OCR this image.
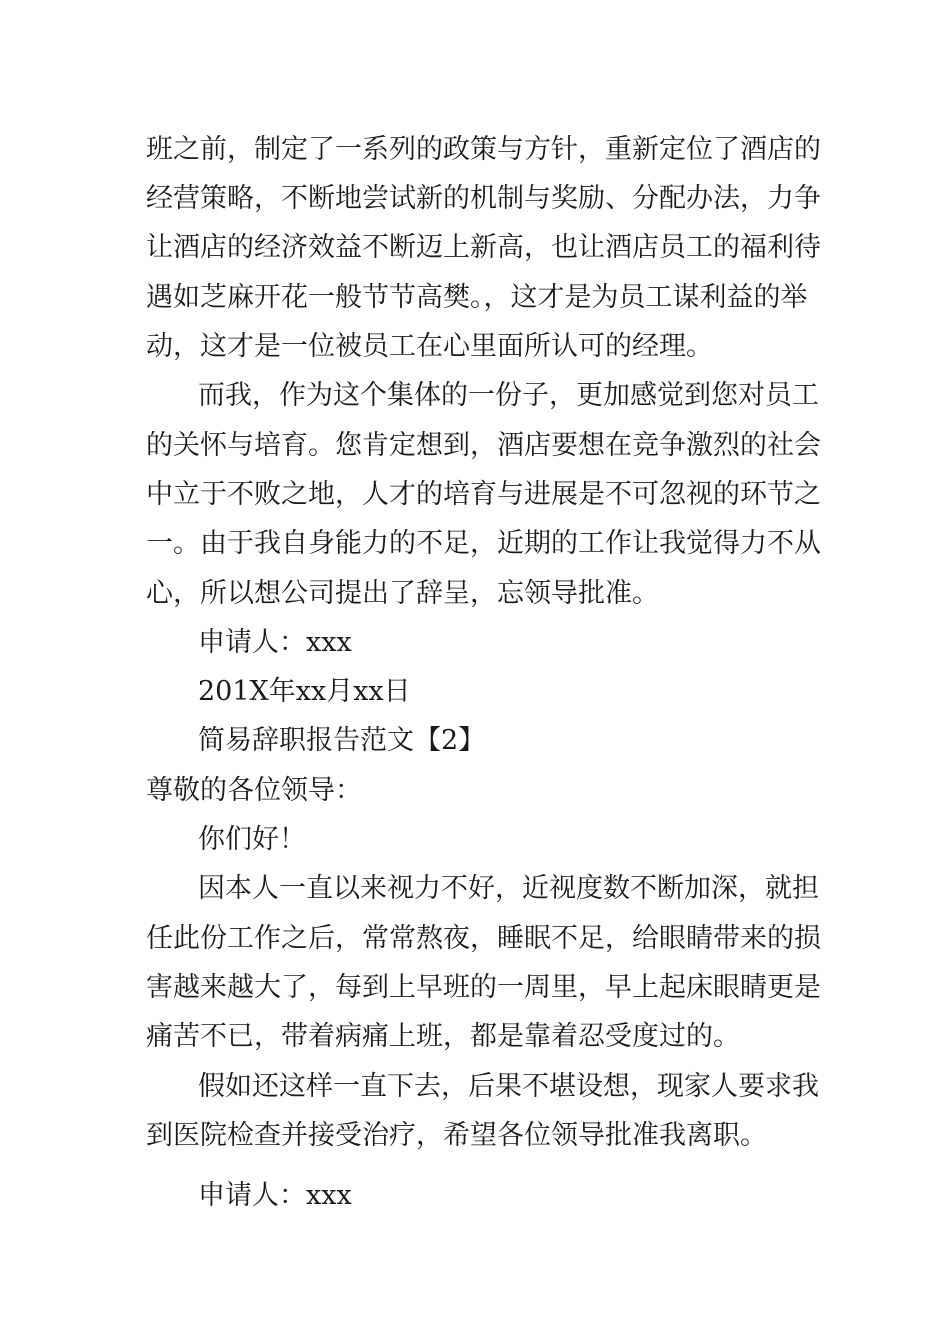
班之前，制定了一系列的政策与方针，重新定位了酒店的
经营策略，不断地尝试新的机制与奖励、分配办法，力争
让酒店的经济效益不断迈上新高，也让酒店员工的福利待
遇如芝麻开花一般节节高樊。，这才是为员工谋利益的举
动，这才是一位被员工在心里面所认可的经理。
而我，作为这个集体的一份子，更加感觉到您对员工
的关怀与培育。您肯定想到，酒店要想在竞争激烈的社会
中立于不败之地，人才的培育与进展是不可忽视的环节之
一。由于我自身能力的不足，近期的工作让我觉得力不从
心，所以想公司提出了辞呈，忘领导批准。
申请人：xxx
201X年xx月xx日
简易辞职报告范文【2】
尊敬的各位领导：
你们好！
因本人一直以来视力不好，近视度数不断加深，就担
任此份工作之后，常常熬夜，睡眠不足，给眼睛带来的损
害越来越大了，每到上早班的一周里，早上起床眼睛更是
痛苦不已，带着病痛上班，都是靠着忍受度过的。
假如还这样一直下去，后果不堪设想，现家人要求我
到医院检查并接受治疗，希望各位领导批准我离职。
申请人：xxx
